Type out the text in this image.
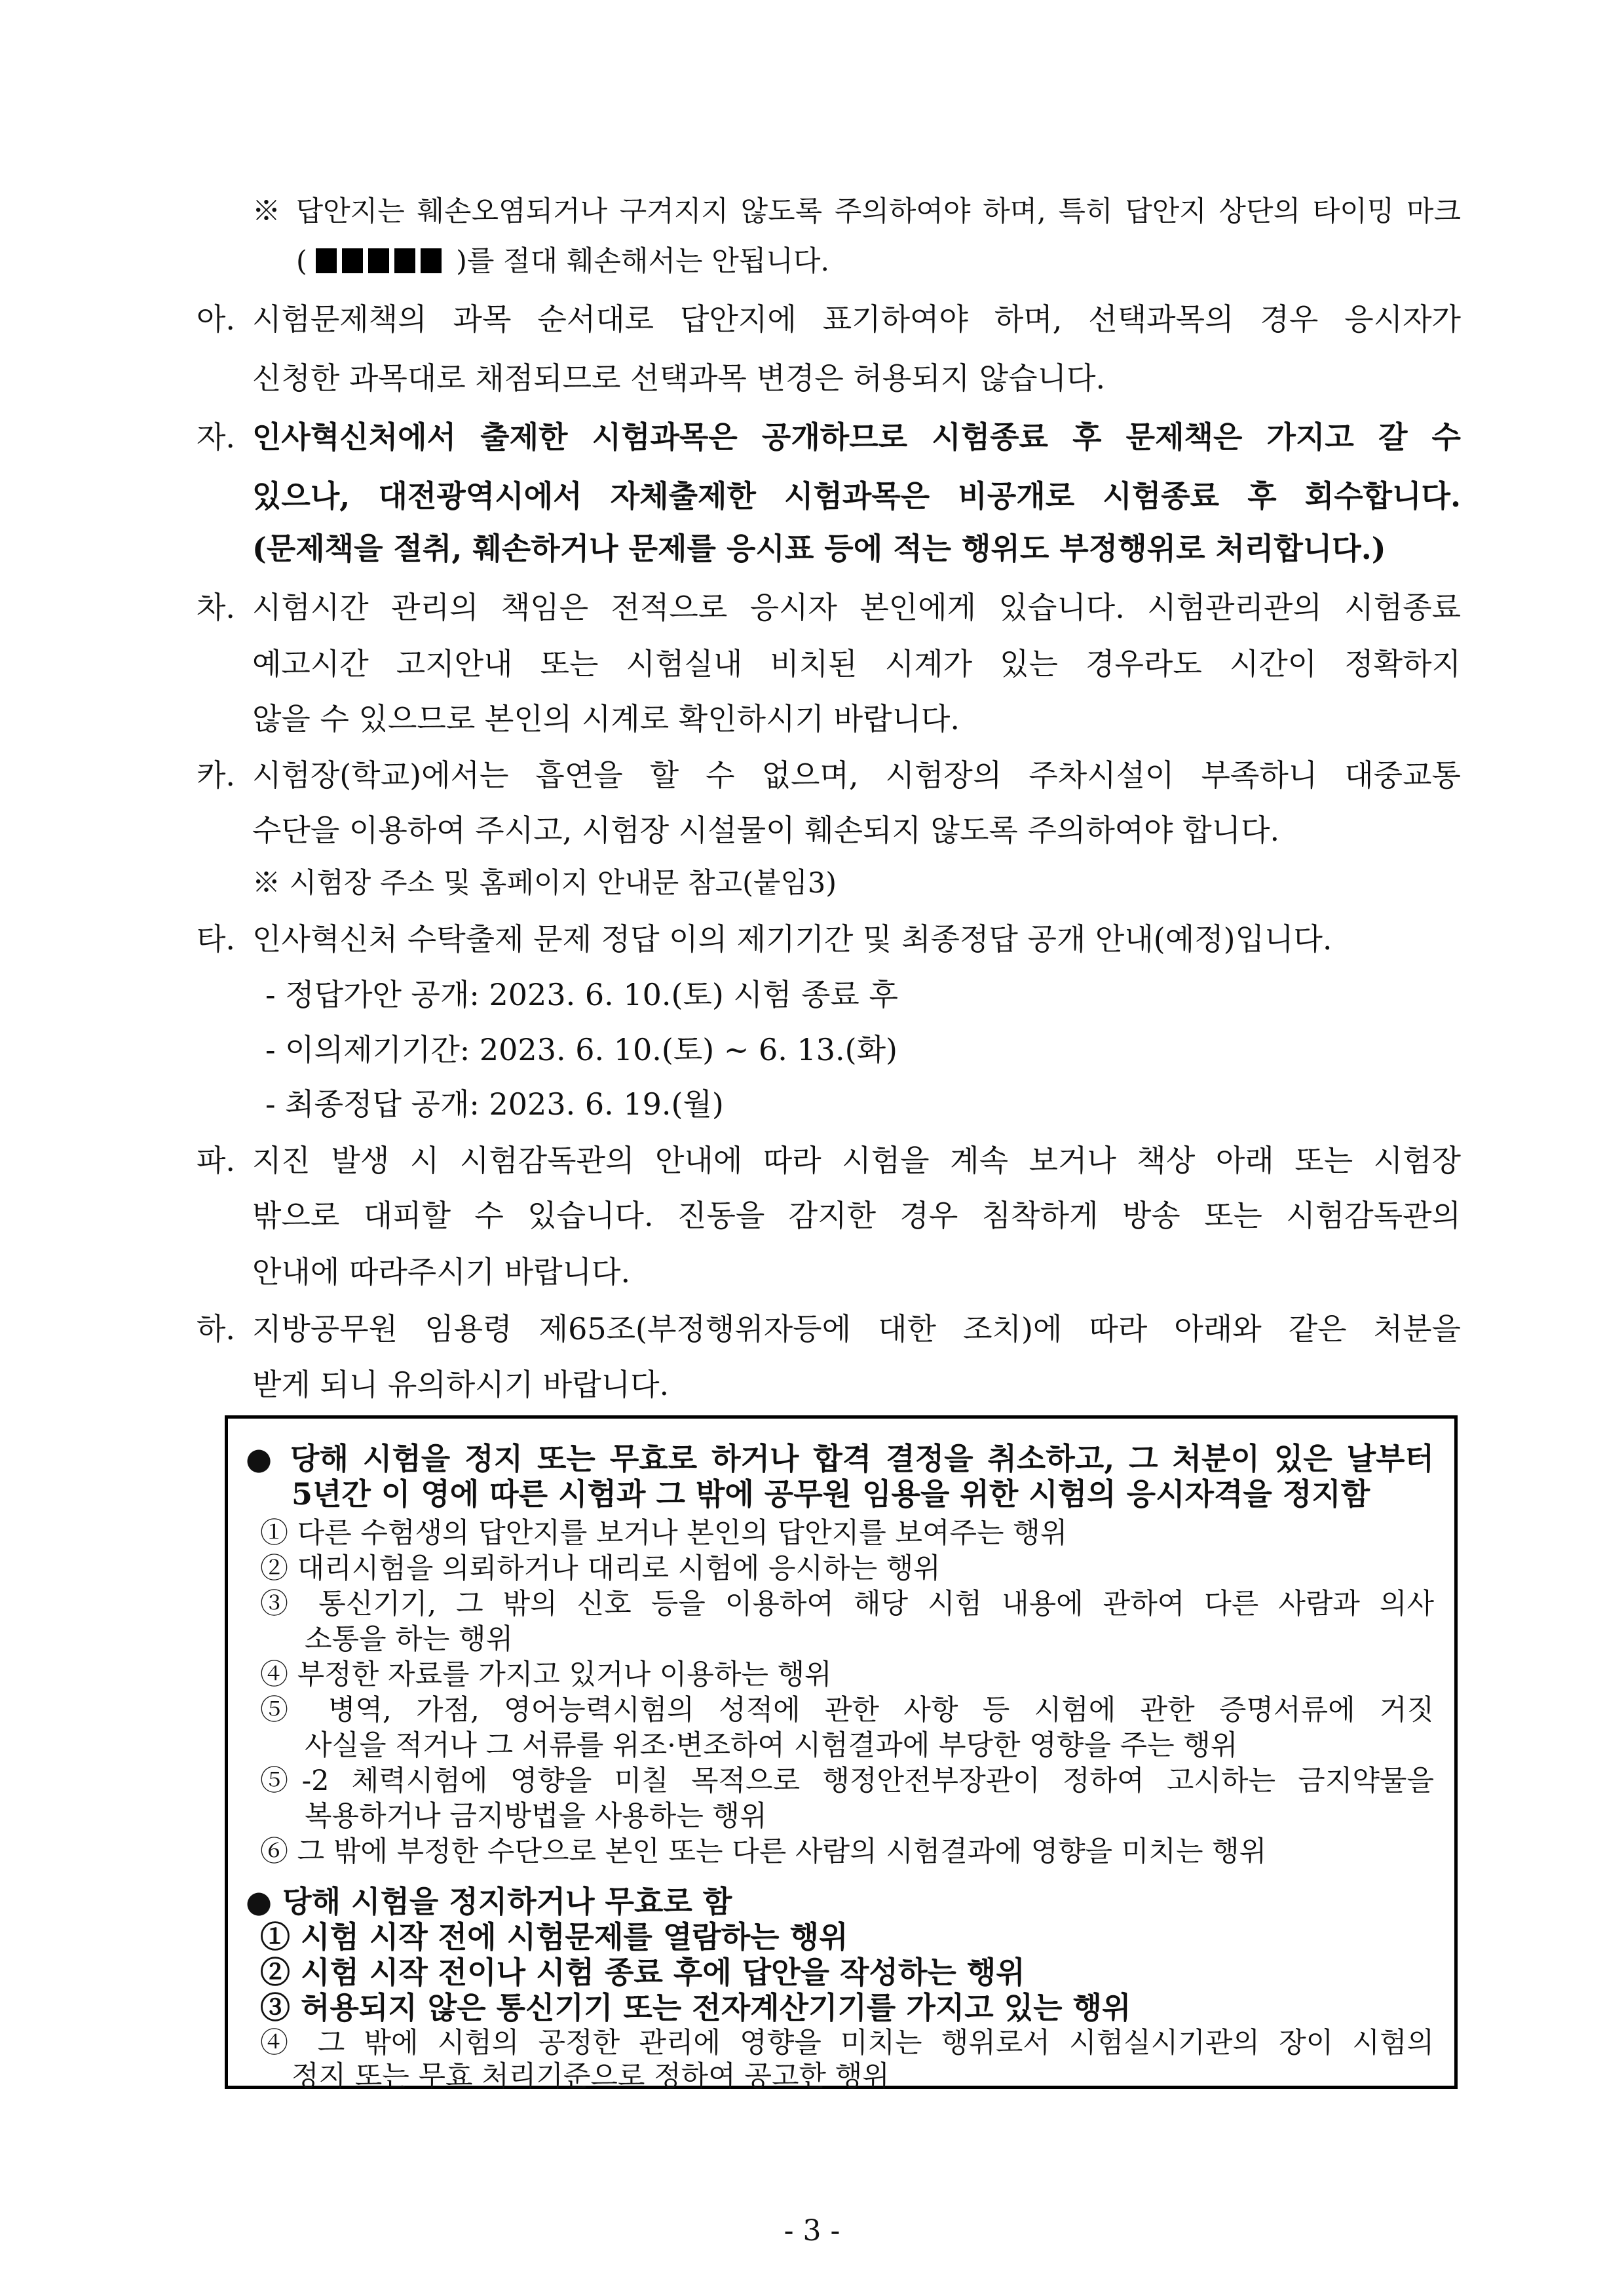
※ 답안지는 훼손오염되거나 구겨지지 않도록 주의하여야 하며, 특히 답안지 상단의 타이밍 마크
(	)를 절대 훼손해서는 안됩니다.
아. 시험문제책의 과목 순서대로 답안지에 표기하여야 하며, 선택과목의 경우 응시자가
신청한 과목대로 채점되므로 선택과목 변경은 허용되지 않습니다.
자. 인사혁신처에서 출제한 시험과목은 공개하므로 시험종료 후 문제책은 가지고 갈 수
있으나, 대전광역시에서 자체출제한 시험과목은 비공개로 시험종료 후 회수합니다.
(문제책을 절취, 훼손하거나 문제를 응시표 등에 적는 행위도 부정행위로 처리합니다.)
차. 시험시간 관리의 책임은 전적으로 응시자 본인에게 있습니다. 시험관리관의 시험종료
예고시간 고지안내 또는 시험실내 비치된 시계가 있는 경우라도 시간이 정확하지
않을 수 있으므로 본인의 시계로 확인하시기 바랍니다.
카. 시험장(학교)에서는 흡연을 할 수 없으며, 시험장의 주차시설이 부족하니 대중교통
수단을 이용하여 주시고, 시험장 시설물이 훼손되지 않도록 주의하여야 합니다.
※ 시험장 주소 및 홈페이지 안내문 참고(붙임3)
타. 인사혁신처 수탁출제 문제 정답 이의 제기기간 및 최종정답 공개 안내(예정)입니다.
- 정답가안 공개: 2023. 6. 10.(토) 시험 종료 후
- 이의제기기간: 2023. 6. 10.(토) ~ 6. 13.(화)
- 최종정답 공개: 2023. 6. 19.(월)
파. 지진 발생 시 시험감독관의 안내에 따라 시험을 계속 보거나 책상 아래 또는 시험장
밖으로 대피할 수 있습니다. 진동을 감지한 경우 침착하게 방송 또는 시험감독관의
안내에 따라주시기 바랍니다.
하. 지방공무원 임용령 제65조(부정행위자등에 대한 조치)에 따라 아래와 같은 처분을
받게 되니 유의하시기 바랍니다.
● 당해 시험을 정지 또는 무효로 하거나 합격 결정을 취소하고, 그 처분이 있은 날부터
5년간 이 영에 따른 시험과 그 밖에 공무원 임용을 위한 시험의 응시자격을 정지함
① 다른 수험생의 답안지를 보거나 본인의 답안지를 보여주는 행위
② 대리시험을 의뢰하거나 대리로 시험에 응시하는 행위
③ 통신기기, 그 밖의 신호 등을 이용하여 해당 시험 내용에 관하여 다른 사람과 의사
소통을 하는 행위
④ 부정한 자료를 가지고 있거나 이용하는 행위
⑤ 병역, 가점, 영어능력시험의 성적에 관한 사항 등 시험에 관한 증명서류에 거짓
사실을 적거나 그 서류를 위조·변조하여 시험결과에 부당한 영향을 주는 행위
⑤-2 체력시험에 영향을 미칠 목적으로 행정안전부장관이 정하여 고시하는 금지약물을
복용하거나 금지방법을 사용하는 행위
⑥ 그 밖에 부정한 수단으로 본인 또는 다른 사람의 시험결과에 영향을 미치는 행위
● 당해 시험을 정지하거나 무효로 함
① 시험 시작 전에 시험문제를 열람하는 행위
② 시험 시작 전이나 시험 종료 후에 답안을 작성하는 행위
③ 허용되지 않은 통신기기 또는 전자계산기기를 가지고 있는 행위
④ 그 밖에 시험의 공정한 관리에 영향을 미치는 행위로서 시험실시기관의 장이 시험의
정지 또는 무효 처리기준으로 정하여 공고한 행위
- 3 -
